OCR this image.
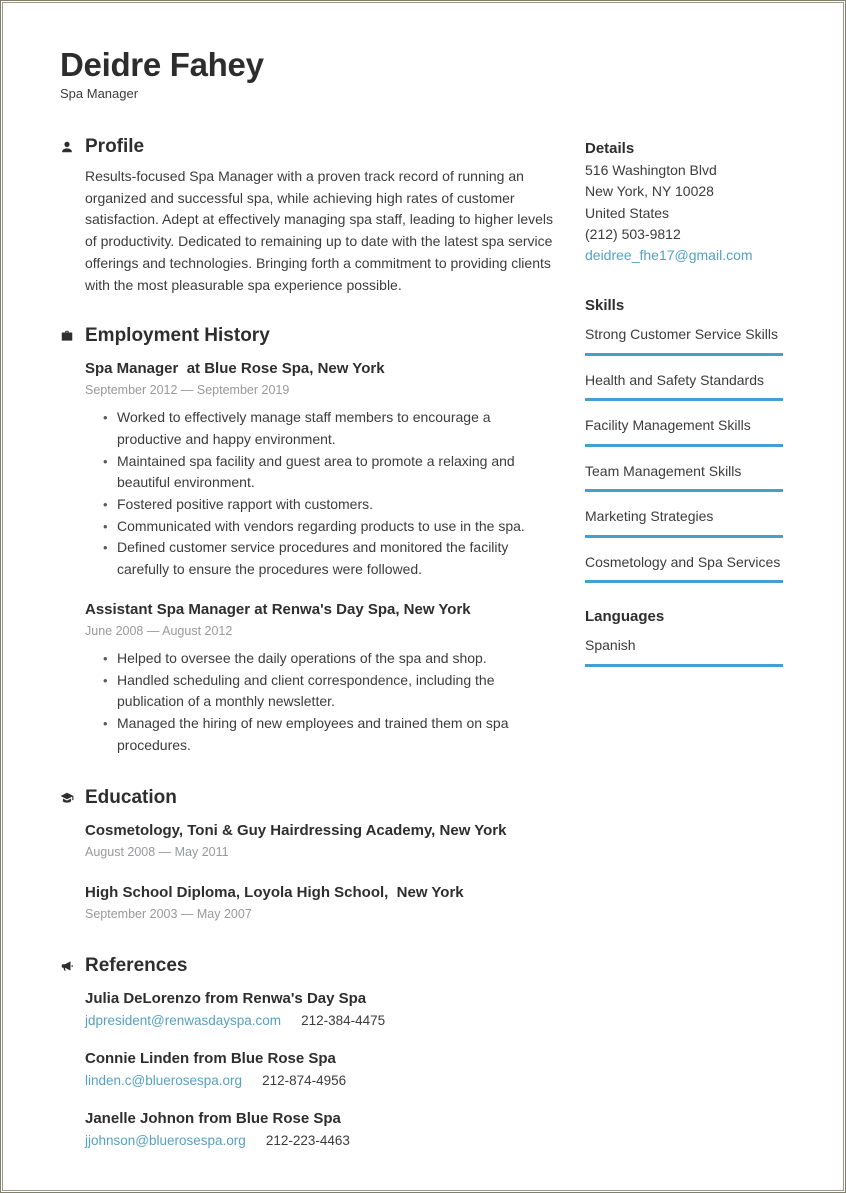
Deidre Fahey
Spa Manager
Profile

Results-focused Spa Manager with a proven track record of running an organized and successful spa, while achieving high rates of customer satisfaction. Adept at effectively managing spa staff, leading to higher levels of productivity. Dedicated to remaining up to date with the latest spa service offerings and technologies. Bringing forth a commitment to providing clients with the most pleasurable spa experience possible.

Employment History
Spa Manager  at Blue Rose Spa, New York
September 2012 — September 2019
• Worked to effectively manage staff members to encourage a productive and happy environment.
• Maintained spa facility and guest area to promote a relaxing and beautiful environment.
• Fostered positive rapport with customers.
• Communicated with vendors regarding products to use in the spa.
• Defined customer service procedures and monitored the facility carefully to ensure the procedures were followed.
Assistant Spa Manager at Renwa's Day Spa, New York
June 2008 — August 2012
• Helped to oversee the daily operations of the spa and shop.
• Handled scheduling and client correspondence, including the publication of a monthly newsletter.
• Managed the hiring of new employees and trained them on spa procedures.
Education
Cosmetology, Toni & Guy Hairdressing Academy, New York
August 2008 — May 2011
High School Diploma, Loyola High School,  New York
September 2003 — May 2007
References
Julia DeLorenzo from Renwa's Day Spa
jdpresident@renwasdayspa.com 212-384-4475
Connie Linden from Blue Rose Spa
linden.c@bluerosespa.org 212-874-4956
Janelle Johnon from Blue Rose Spa
jjohnson@bluerosespa.org 212-223-4463
Details
516 Washington Blvd
New York, NY 10028
United States
(212) 503-9812
deidree_fhe17@gmail.com
Skills
Strong Customer Service Skills
Health and Safety Standards
Facility Management Skills
Team Management Skills
Marketing Strategies
Cosmetology and Spa Services
Languages
Spanish
